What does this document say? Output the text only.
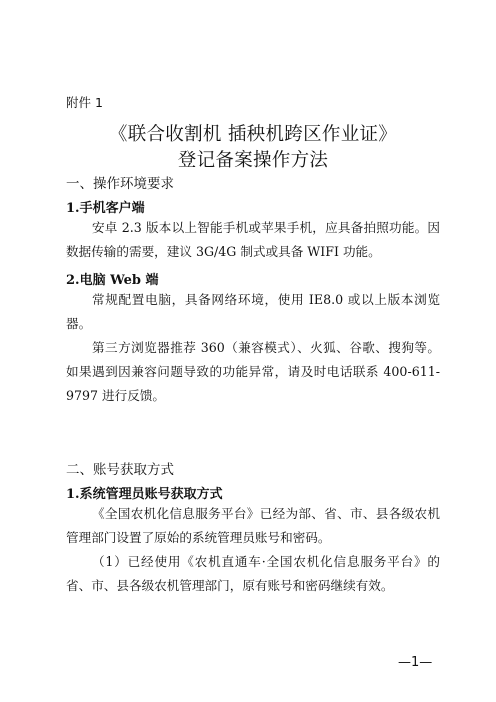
附件 1
《联合收割机 插秧机跨区作业证》
登记备案操作方法
一、操作环境要求
1.手机客户端
安卓 2.3 版本以上智能手机或苹果手机，应具备拍照功能。因数据传输的需要，建议 3G/4G 制式或具备 WIFI 功能。
2.电脑 Web 端
常规配置电脑，具备网络环境，使用 IE8.0 或以上版本浏览器。
第三方浏览器推荐 360（兼容模式）、火狐、谷歌、搜狗等。如果遇到因兼容问题导致的功能异常，请及时电话联系 400-611-9797 进行反馈。
二、账号获取方式
1.系统管理员账号获取方式
《全国农机化信息服务平台》已经为部、省、市、县各级农机管理部门设置了原始的系统管理员账号和密码。
（1）已经使用《农机直通车·全国农机化信息服务平台》的省、市、县各级农机管理部门，原有账号和密码继续有效。
—1—
